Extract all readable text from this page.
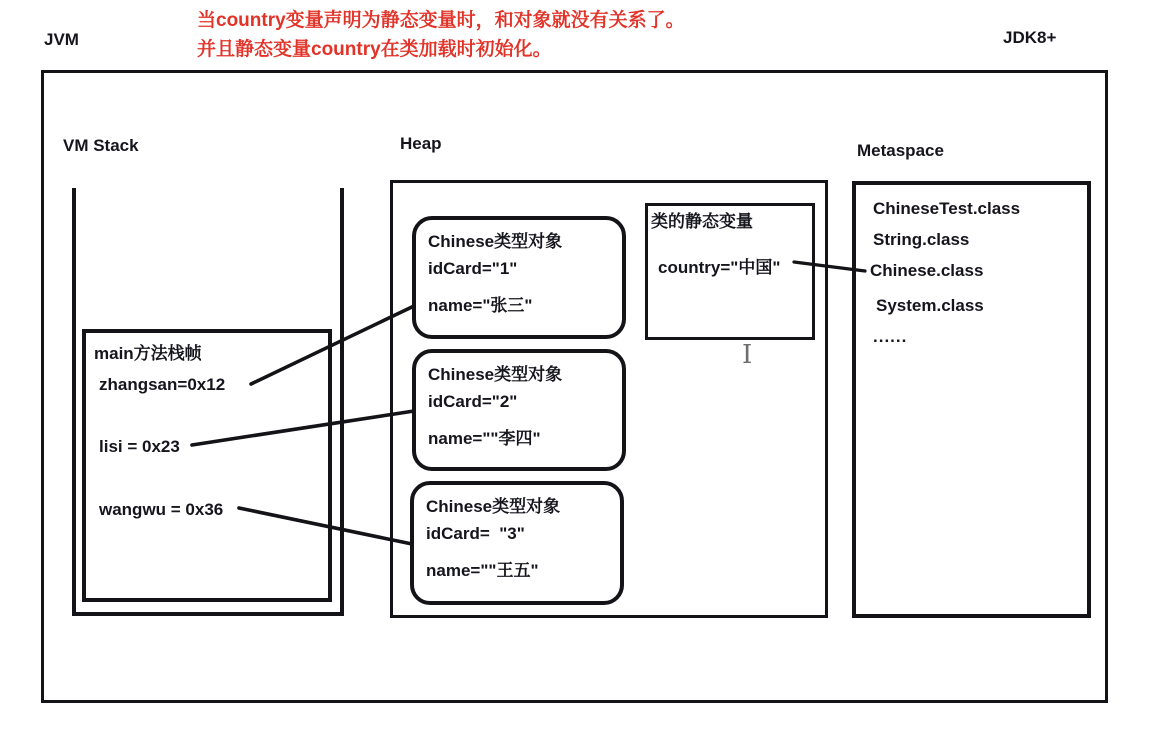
当country变量声明为静态变量时，和对象就没有关系了。
并且静态变量country在类加载时初始化。
JVM	JDK8+
VM Stack
main方法栈帧
zhangsan=0x12
lisi = 0x23
wangwu = 0x36
Heap
Chinese类型对象
idCard="1"
name="张三"
Chinese类型对象
idCard="2"
name=""李四"
Chinese类型对象
idCard=  "3"
name=""王五"
类的静态变量
country="中国"
I
Metaspace
ChineseTest.class
String.class
Chinese.class
System.class
......
